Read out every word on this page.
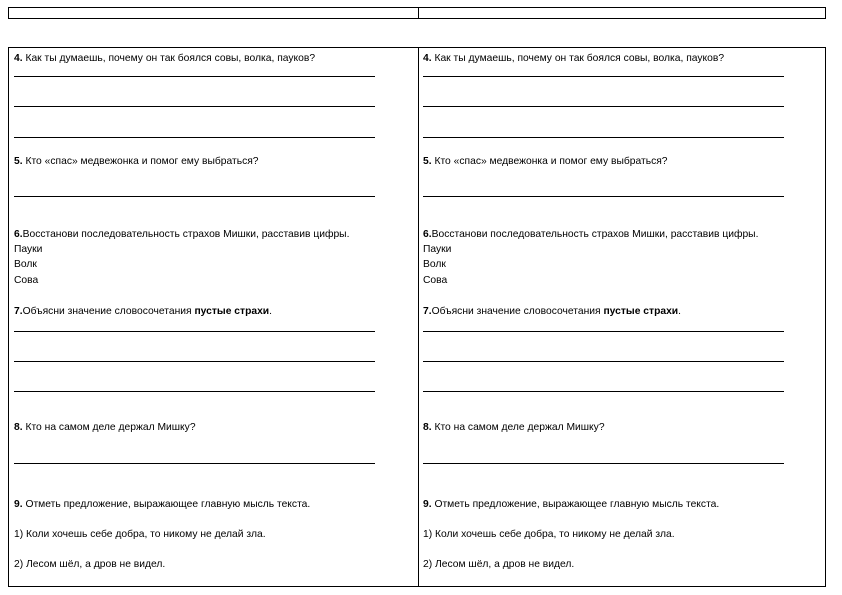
4. Как ты думаешь, почему он так боялся совы, волка, пауков?
5. Кто «спас» медвежонка и помог ему выбраться?
6.Восстанови последовательность страхов Мишки, расставив цифры.
Пауки
Волк
Сова
7.Объясни значение словосочетания пустые страхи.
8. Кто на самом деле держал Мишку?
9. Отметь предложение, выражающее главную мысль текста.
1) Коли хочешь себе добра, то никому не делай зла.
2) Лесом шёл, а дров не видел.
4. Как ты думаешь, почему он так боялся совы, волка, пауков?
5. Кто «спас» медвежонка и помог ему выбраться?
6.Восстанови последовательность страхов Мишки, расставив цифры.
Пауки
Волк
Сова
7.Объясни значение словосочетания пустые страхи.
8. Кто на самом деле держал Мишку?
9. Отметь предложение, выражающее главную мысль текста.
1) Коли хочешь себе добра, то никому не делай зла.
2) Лесом шёл, а дров не видел.
